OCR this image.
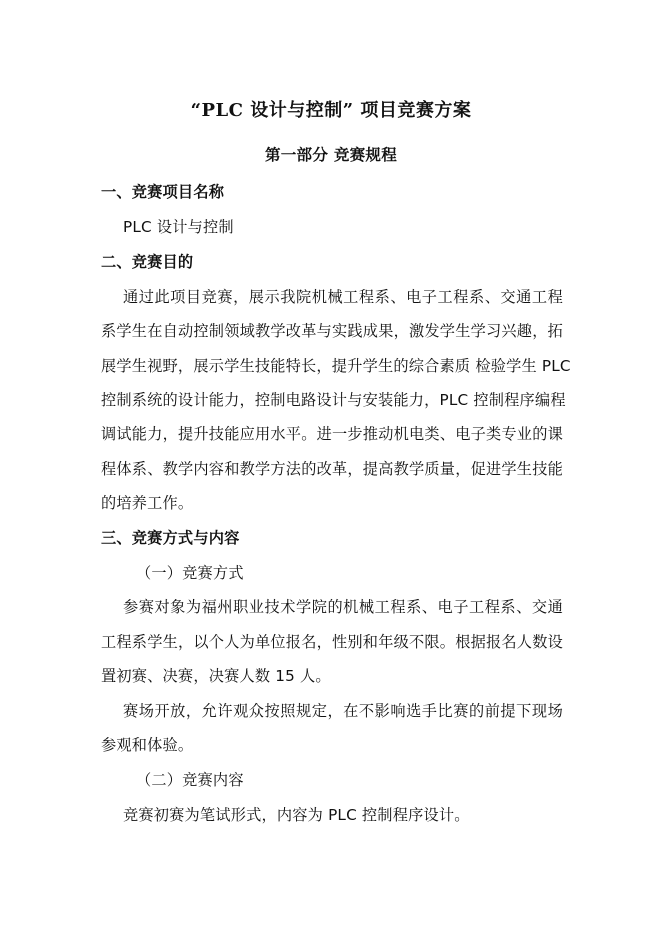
“PLC 设计与控制” 项目竞赛方案
第一部分 竞赛规程
一、竞赛项目名称
PLC 设计与控制
二、竞赛目的
通过此项目竞赛，展示我院机械工程系、电子工程系、交通工程
系学生在自动控制领域教学改革与实践成果，激发学生学习兴趣，拓
展学生视野，展示学生技能特长，提升学生的综合素质 检验学生 PLC
控制系统的设计能力，控制电路设计与安装能力，PLC 控制程序编程
调试能力，提升技能应用水平。进一步推动机电类、电子类专业的课
程体系、教学内容和教学方法的改革，提高教学质量，促进学生技能
的培养工作。
三、竞赛方式与内容
（一）竞赛方式
参赛对象为福州职业技术学院的机械工程系、电子工程系、交通
工程系学生，以个人为单位报名，性别和年级不限。根据报名人数设
置初赛、决赛，决赛人数 15 人。
赛场开放，允许观众按照规定，在不影响选手比赛的前提下现场
参观和体验。
（二）竞赛内容
竞赛初赛为笔试形式，内容为 PLC 控制程序设计。
